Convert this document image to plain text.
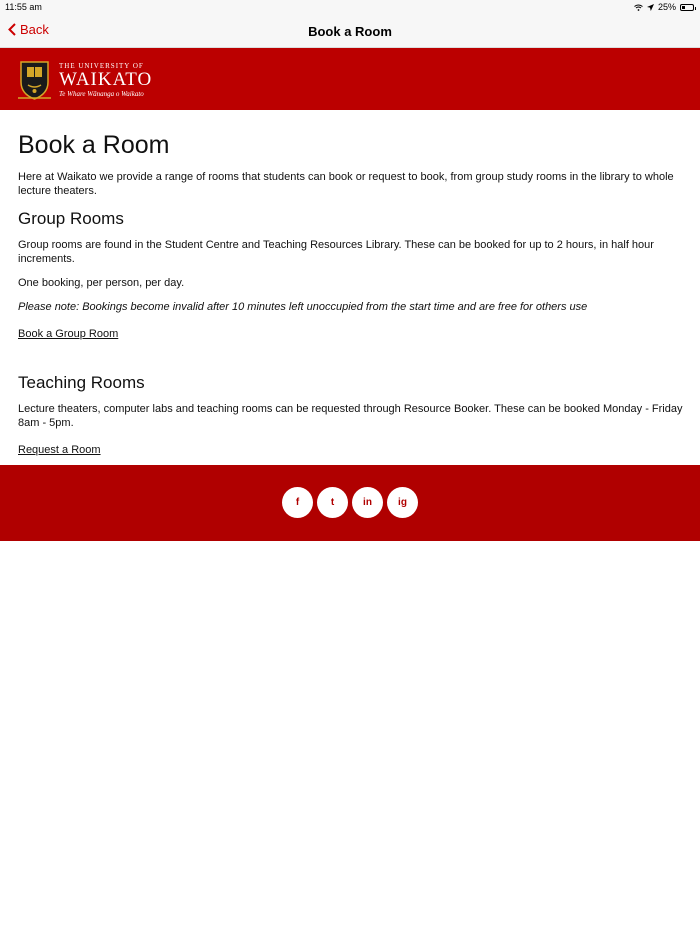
11:55 am	25%
Back	Book a Room
THE UNIVERSITY OF
WAIKATO
Te Whare Wānanga o Waikato
Book a Room

Here at Waikato we provide a range of rooms that students can book or request to book, from group study rooms in the library to whole lecture theaters.

Group Rooms

Group rooms are found in the Student Centre and Teaching Resources Library. These can be booked for up to 2 hours, in half hour increments.

One booking, per person, per day.

Please note: Bookings become invalid after 10 minutes left unoccupied from the start time and are free for others use

Book a Group Room
Teaching Rooms

Lecture theaters, computer labs and teaching rooms can be requested through Resource Booker. These can be booked Monday - Friday 8am - 5pm.

Request a Room
f	t	in	ig
